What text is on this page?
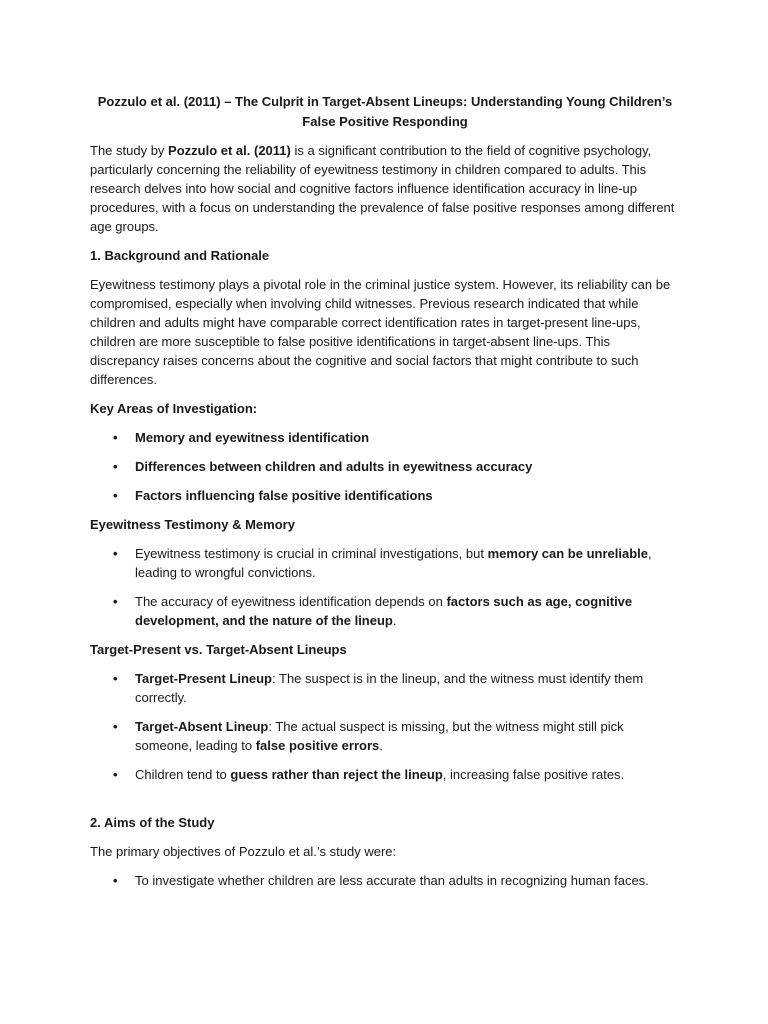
Pozzulo et al. (2011) – The Culprit in Target-Absent Lineups: Understanding Young Children’s False Positive Responding

The study by Pozzulo et al. (2011) is a significant contribution to the field of cognitive psychology, particularly concerning the reliability of eyewitness testimony in children compared to adults. This research delves into how social and cognitive factors influence identification accuracy in line-up procedures, with a focus on understanding the prevalence of false positive responses among different age groups.

1. Background and Rationale

Eyewitness testimony plays a pivotal role in the criminal justice system. However, its reliability can be compromised, especially when involving child witnesses. Previous research indicated that while children and adults might have comparable correct identification rates in target-present line-ups, children are more susceptible to false positive identifications in target-absent line-ups. This discrepancy raises concerns about the cognitive and social factors that might contribute to such differences.

Key Areas of Investigation:
• Memory and eyewitness identification
• Differences between children and adults in eyewitness accuracy
• Factors influencing false positive identifications
Eyewitness Testimony & Memory
• Eyewitness testimony is crucial in criminal investigations, but memory can be unreliable, leading to wrongful convictions.
• The accuracy of eyewitness identification depends on factors such as age, cognitive development, and the nature of the lineup.
Target-Present vs. Target-Absent Lineups
• Target-Present Lineup: The suspect is in the lineup, and the witness must identify them correctly.
• Target-Absent Lineup: The actual suspect is missing, but the witness might still pick someone, leading to false positive errors.
• Children tend to guess rather than reject the lineup, increasing false positive rates.
2. Aims of the Study

The primary objectives of Pozzulo et al.’s study were:

• To investigate whether children are less accurate than adults in recognizing human faces.
